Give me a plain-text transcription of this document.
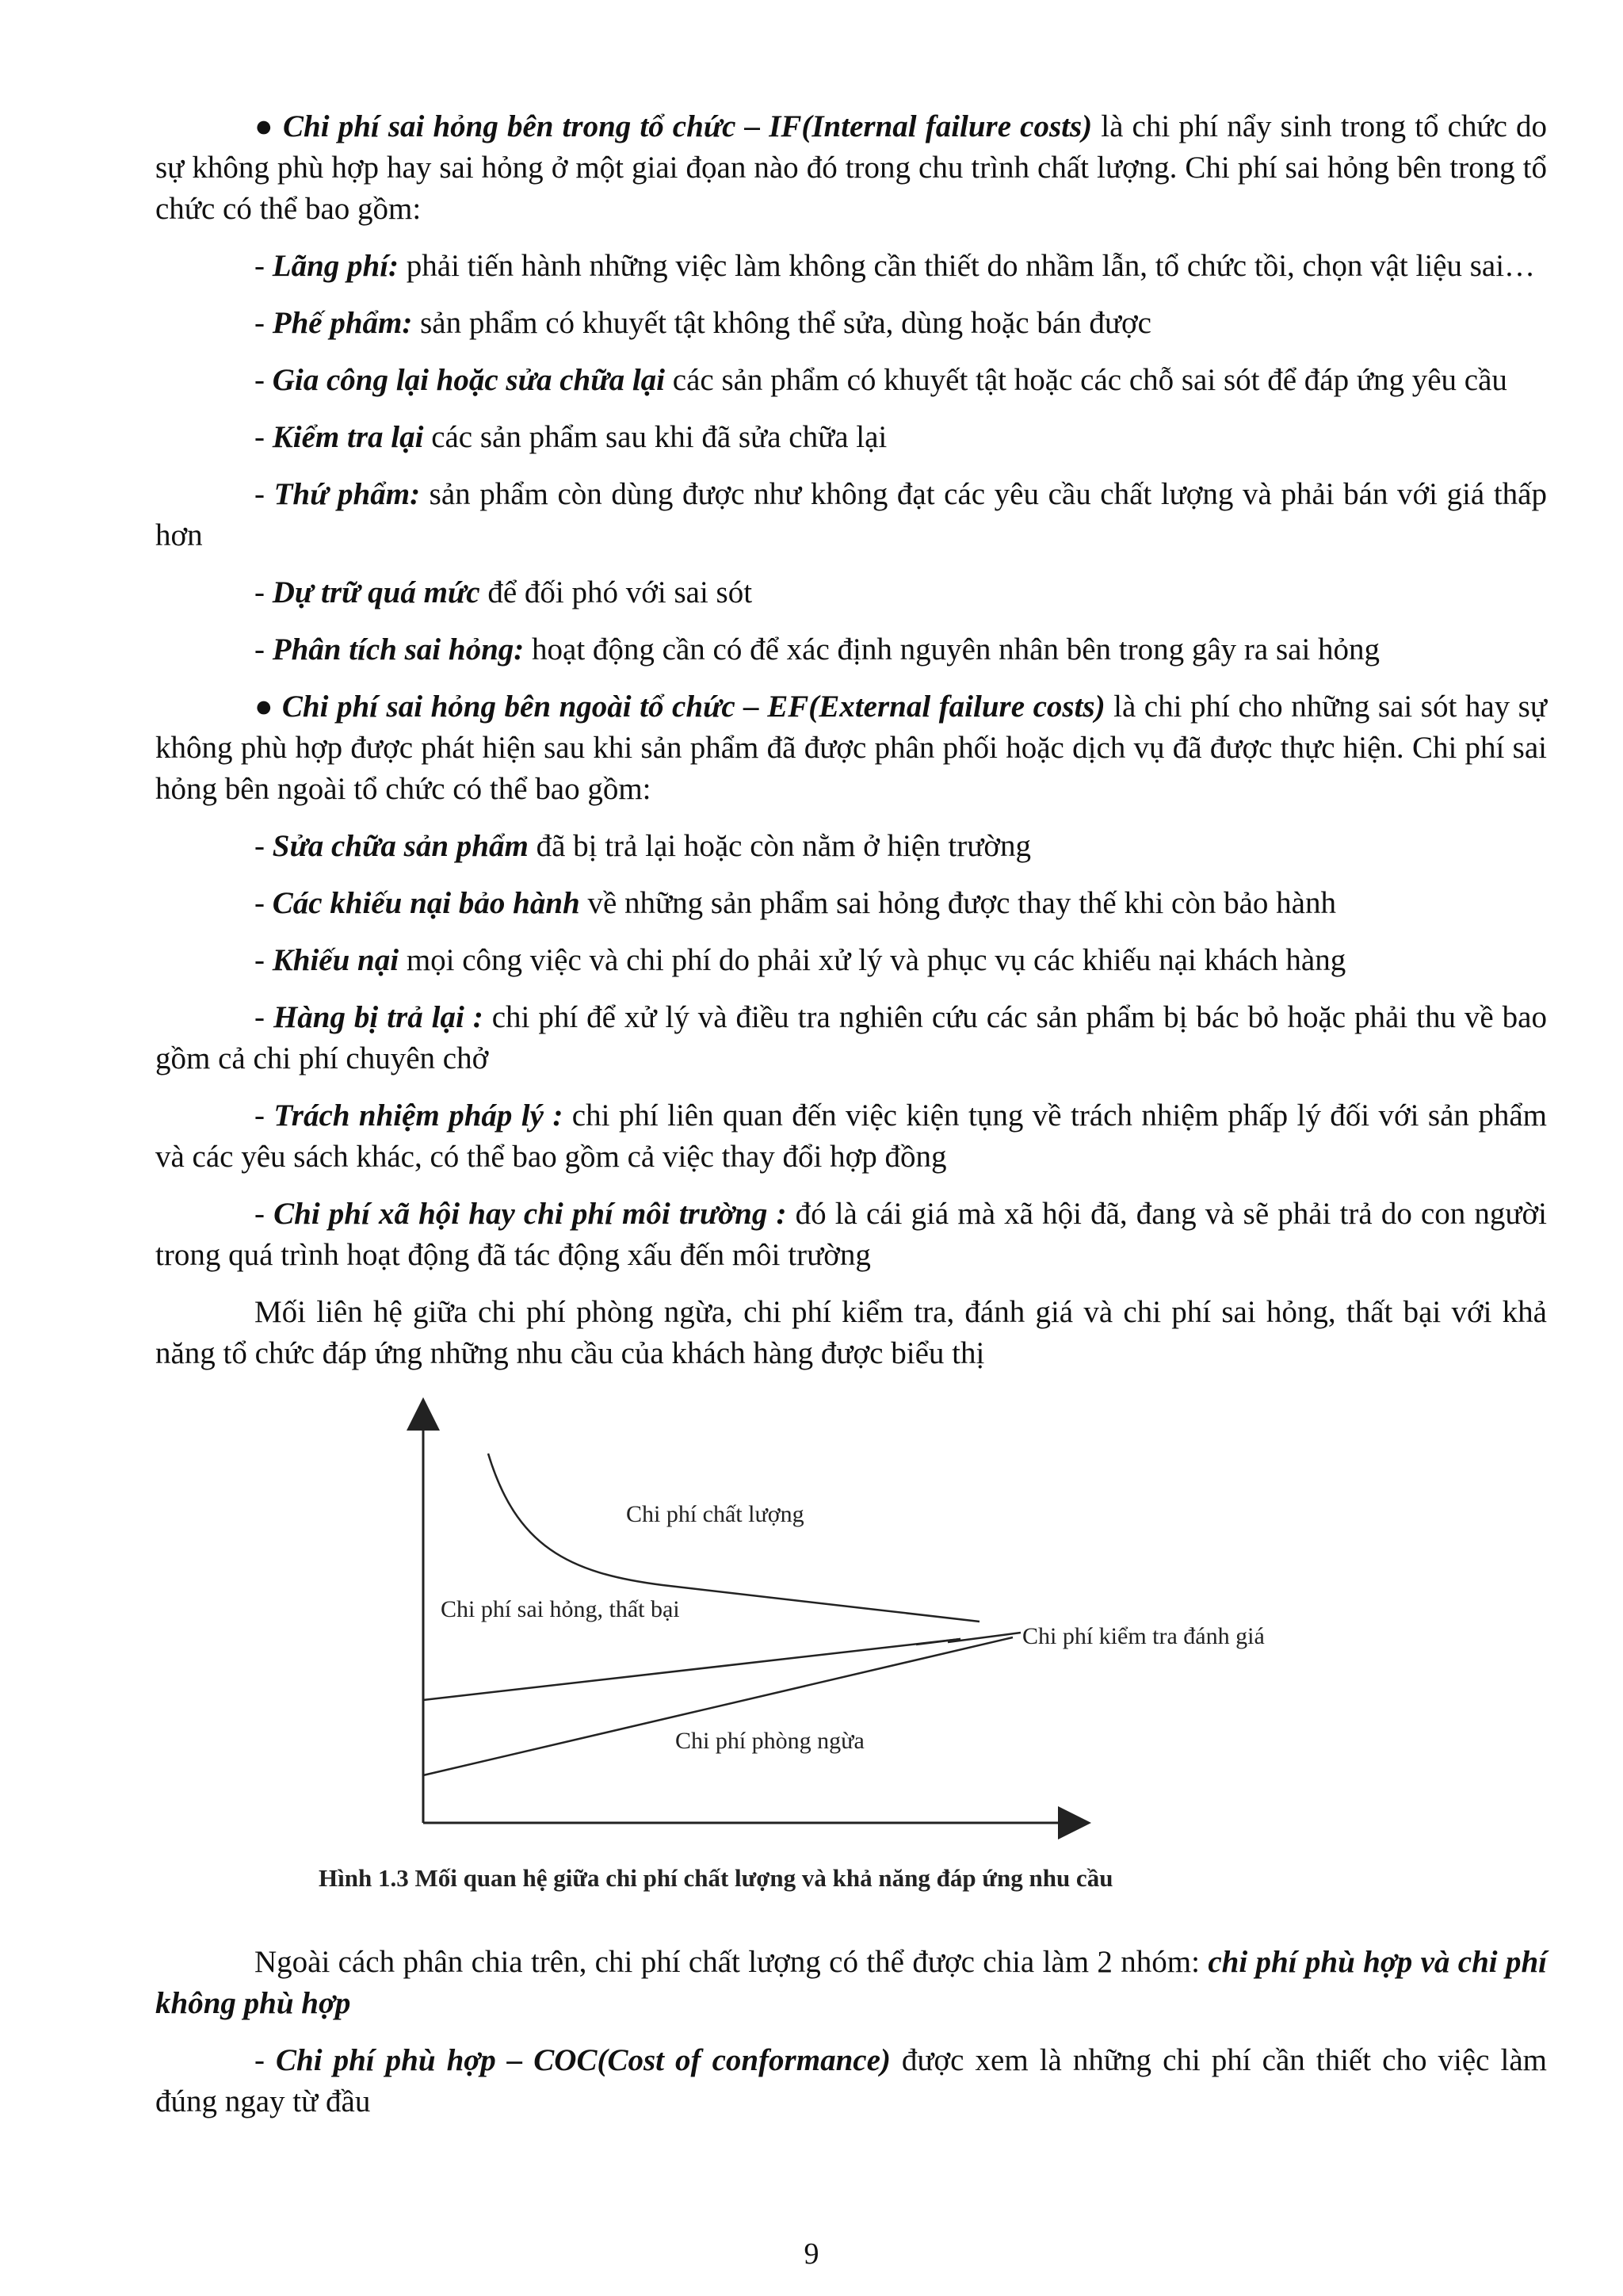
● Chi phí sai hỏng bên trong tổ chức – IF(Internal failure costs) là chi phí nẩy sinh trong tổ chức do sự không phù hợp hay sai hỏng ở một giai đọan nào đó trong chu trình chất lượng. Chi phí sai hỏng bên trong tổ chức có thể bao gồm:

- Lãng phí: phải tiến hành những việc làm không cần thiết do nhầm lẫn, tổ chức tồi, chọn vật liệu sai…

- Phế phẩm: sản phẩm có khuyết tật không thể sửa, dùng hoặc bán được

- Gia công lại hoặc sửa chữa lại các sản phẩm có khuyết tật hoặc các chỗ sai sót để đáp ứng yêu cầu

- Kiểm tra lại các sản phẩm sau khi đã sửa chữa lại

- Thứ phẩm: sản phẩm còn dùng được như không đạt các yêu cầu chất lượng và phải bán với giá thấp hơn

- Dự trữ quá mức để đối phó với sai sót

- Phân tích sai hỏng: hoạt động cần có để xác định nguyên nhân bên trong gây ra sai hỏng

● Chi phí sai hỏng bên ngoài tổ chức – EF(External failure costs) là chi phí cho những sai sót hay sự không phù hợp được phát hiện sau khi sản phẩm đã được phân phối hoặc dịch vụ đã được thực hiện. Chi phí sai hỏng bên ngoài tổ chức có thể bao gồm:

- Sửa chữa sản phẩm đã bị trả lại hoặc còn nằm ở hiện trường

- Các khiếu nại bảo hành về những sản phẩm sai hỏng được thay thế khi còn bảo hành

- Khiếu nại mọi công việc và chi phí do phải xử lý và phục vụ các khiếu nại khách hàng

- Hàng bị trả lại : chi phí để xử lý và điều tra nghiên cứu các sản phẩm bị bác bỏ hoặc phải thu về bao gồm cả chi phí chuyên chở

- Trách nhiệm pháp lý : chi phí liên quan đến việc kiện tụng về trách nhiệm phấp lý đối với sản phẩm và các yêu sách khác, có thể bao gồm cả việc thay đổi hợp đồng

- Chi phí xã hội hay chi phí môi trường : đó là cái giá mà xã hội đã, đang và sẽ phải trả do con người trong quá trình hoạt động đã tác động xấu đến môi trường

Mối liên hệ giữa chi phí phòng ngừa, chi phí kiểm tra, đánh giá và chi phí sai hỏng, thất bại với khả năng tổ chức đáp ứng những nhu cầu của khách hàng được biểu thị

Chi phí chất lượng
Chi phí sai hỏng, thất bại
Chi phí kiểm tra đánh giá
Chi phí phòng ngừa
Hình 1.3 Mối quan hệ giữa chi phí chất lượng và khả năng đáp ứng nhu cầu

Ngoài cách phân chia trên, chi phí chất lượng có thể được chia làm 2 nhóm: chi phí phù hợp và chi phí không phù hợp

- Chi phí phù hợp – COC(Cost of conformance) được xem là những chi phí cần thiết cho việc làm đúng ngay từ đầu

9
